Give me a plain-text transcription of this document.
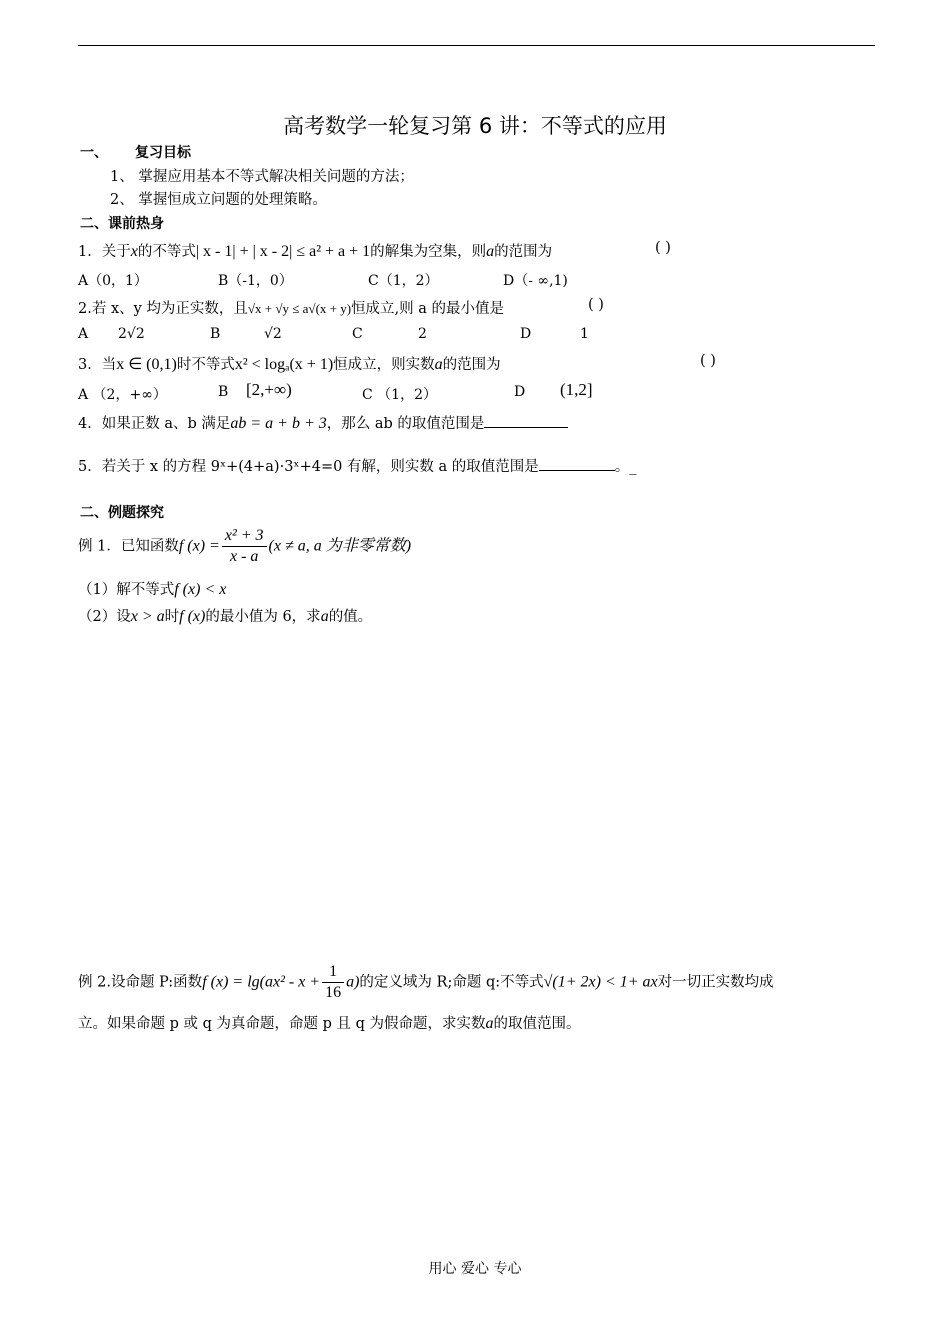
高考数学一轮复习第 6 讲：不等式的应用
一、 复习目标
1、 掌握应用基本不等式解决相关问题的方法；
2、 掌握恒成立问题的处理策略。
二、课前热身
1．关于x的不等式| x - 1| + | x - 2| ≤ a² + a + 1的解集为空集，则a的范围为	( )
A（0，1）	B（-1，0）	C（1，2）	D（- ∞,1)
2.若 x、y 均为正实数，且√x + √y ≤ a√(x + y)恒成立,则 a 的最小值是	( )
A 2√2	B	√2	C	2	D	1
3．当x ∈ (0,1)时不等式x² < logₐ(x + 1)恒成立，则实数a的范围为	( )
A （2，+∞）	B [2,+∞)	C （1，2）	D (1,2]
4．如果正数 a、b 满足ab = a + b + 3，那么 ab 的取值范围是
5．若关于 x 的方程 9ˣ+(4+a)·3ˣ+4=0 有解，则实数 a 的取值范围是	。_
二、例题探究
例 1．已知函数f $(x) = \frac{\text{x² + 3}}{x - a} (x \ne a$, a 为非零常数)
（1）解不等式f (x) < x
（2）设x > a时f (x)的最小值为 6，求a的值。
例 2.设命题 P:函数f $(x) = \lg(ax^2 - x + \frac{1}{16} a)$的定义域为 R;命题 q:不等式√(1+ 2x) < 1+ ax对一切正实数均成
立。如果命题 p 或 q 为真命题，命题 p 且 q 为假命题，求实数a的取值范围。
用心 爱心 专心
